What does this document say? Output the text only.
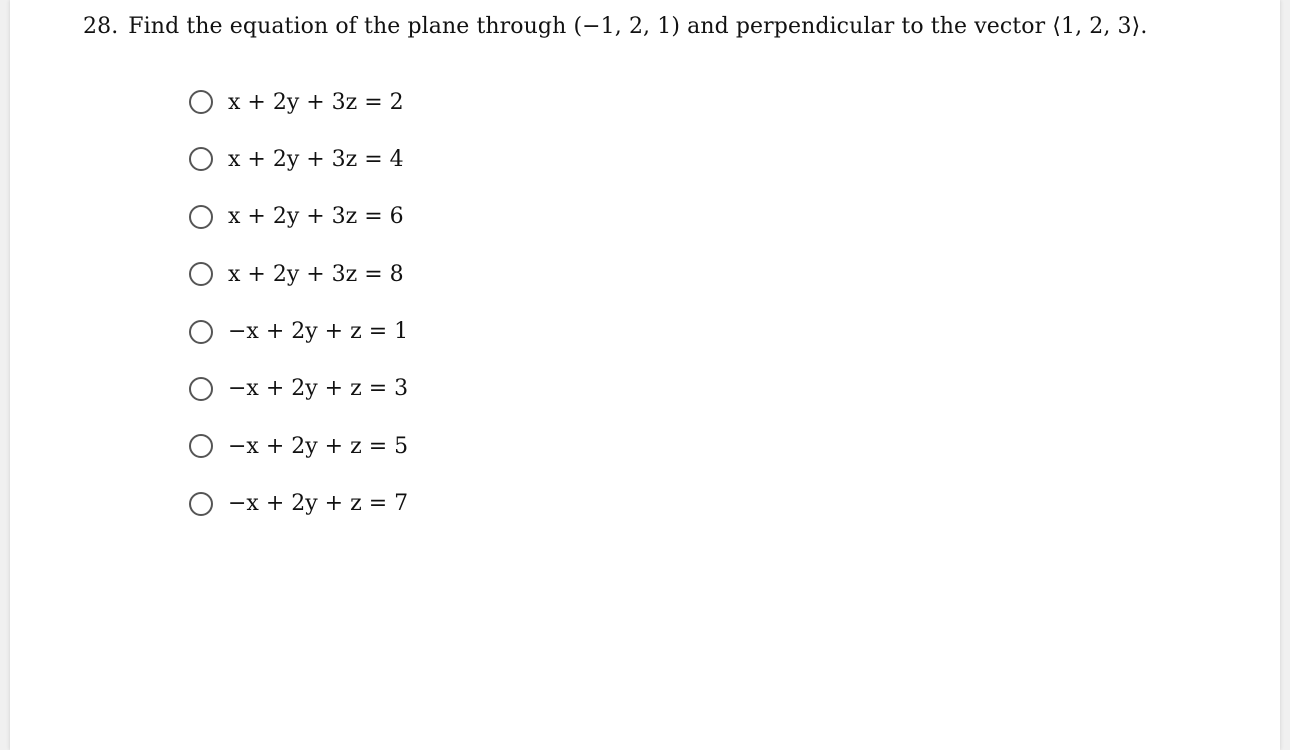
28. Find the equation of the plane through (−1, 2, 1) and perpendicular to the vector ⟨1, 2, 3⟩.
x + 2y + 3z = 2
x + 2y + 3z = 4
x + 2y + 3z = 6
x + 2y + 3z = 8
−x + 2y + z = 1
−x + 2y + z = 3
−x + 2y + z = 5
−x + 2y + z = 7
